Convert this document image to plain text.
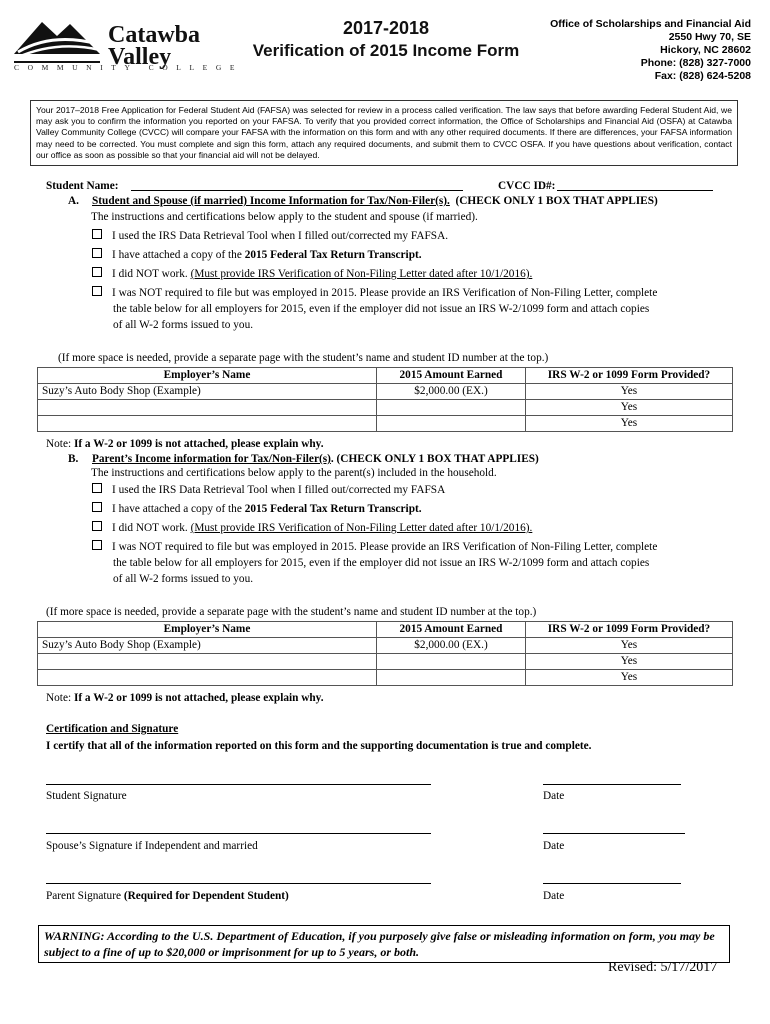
Catawba
Valley
COMMUNITY COLLEGE
2017-2018
Verification of 2015 Income Form
Office of Scholarships and Financial Aid
2550 Hwy 70, SE
Hickory, NC 28602
Phone: (828) 327-7000
Fax: (828) 624-5208
Your 2017–2018 Free Application for Federal Student Aid (FAFSA) was selected for review in a process called verification. The law says that before awarding Federal Student Aid, we may ask you to confirm the information you reported on your FAFSA. To verify that you provided correct information, the Office of Scholarships and Financial Aid (OSFA) at Catawba Valley Community College (CVCC) will compare your FAFSA with the information on this form and with any other required documents. If there are differences, your FAFSA information may need to be corrected. You must complete and sign this form, attach any required documents, and submit them to CVCC OSFA. If you have questions about verification, contact our office as soon as possible so that your financial aid will not be delayed.
Student Name:	CVCC ID#:
A. Student and Spouse (if married) Income Information for Tax/Non-Filer(s). (CHECK ONLY 1 BOX THAT APPLIES)
The instructions and certifications below apply to the student and spouse (if married).
I used the IRS Data Retrieval Tool when I filled out/corrected my FAFSA.
I have attached a copy of the 2015 Federal Tax Return Transcript.
I did NOT work. (Must provide IRS Verification of Non-Filing Letter dated after 10/1/2016).
I was NOT required to file but was employed in 2015. Please provide an IRS Verification of Non-Filing Letter, complete
the table below for all employers for 2015, even if the employer did not issue an IRS W-2/1099 form and attach copies
of all W-2 forms issued to you.
(If more space is needed, provide a separate page with the student’s name and student ID number at the top.)
Employer’s Name	2015 Amount Earned	IRS W-2 or 1099 Form Provided?
Suzy’s Auto Body Shop (Example)	$2,000.00 (EX.)	Yes
		Yes
		Yes
Note: If a W-2 or 1099 is not attached, please explain why.
B. Parent’s Income information for Tax/Non-Filer(s). (CHECK ONLY 1 BOX THAT APPLIES)
The instructions and certifications below apply to the parent(s) included in the household.
I used the IRS Data Retrieval Tool when I filled out/corrected my FAFSA
I have attached a copy of the 2015 Federal Tax Return Transcript.
I did NOT work. (Must provide IRS Verification of Non-Filing Letter dated after 10/1/2016).
I was NOT required to file but was employed in 2015. Please provide an IRS Verification of Non-Filing Letter, complete
the table below for all employers for 2015, even if the employer did not issue an IRS W-2/1099 form and attach copies
of all W-2 forms issued to you.
(If more space is needed, provide a separate page with the student’s name and student ID number at the top.)
Employer’s Name	2015 Amount Earned	IRS W-2 or 1099 Form Provided?
Suzy’s Auto Body Shop (Example)	$2,000.00 (EX.)	Yes
		Yes
		Yes
Note: If a W-2 or 1099 is not attached, please explain why.
Certification and Signature
I certify that all of the information reported on this form and the supporting documentation is true and complete.
Student Signature	Date
Spouse’s Signature if Independent and married	Date
Parent Signature (Required for Dependent Student)	Date
WARNING: According to the U.S. Department of Education, if you purposely give false or misleading information on form, you may be subject to a fine of up to $20,000 or imprisonment for up to 5 years, or both.
Revised: 5/17/2017
